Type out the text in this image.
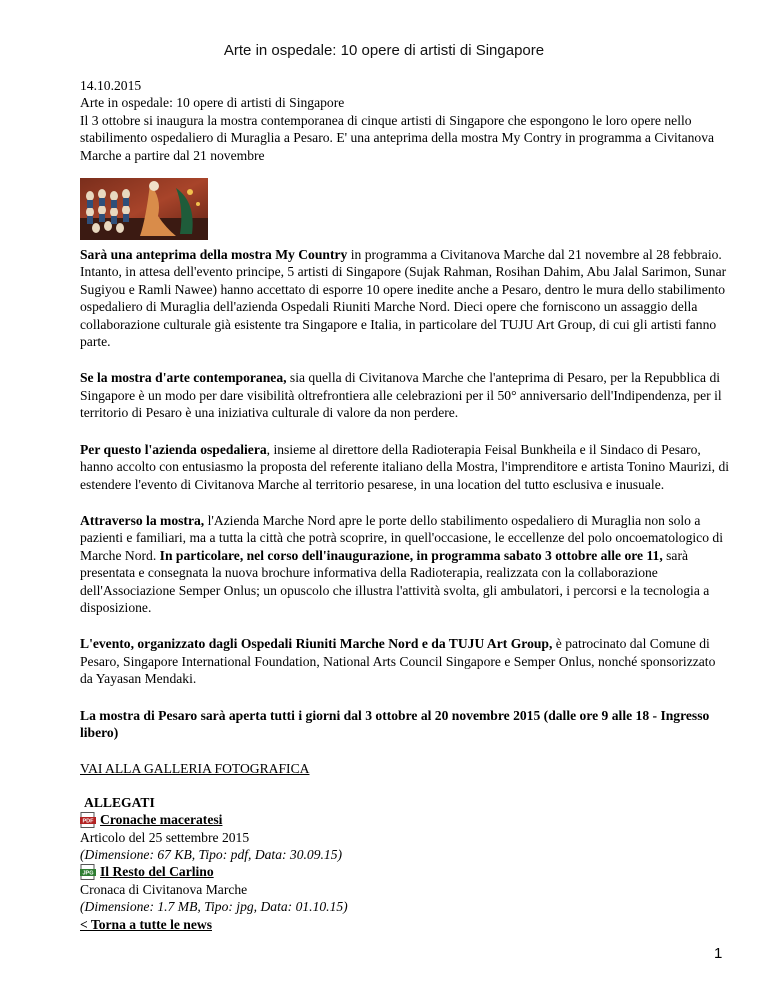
Arte in ospedale: 10 opere di artisti di Singapore

14.10.2015

Arte in ospedale: 10 opere di artisti di Singapore

Il 3 ottobre si inaugura la mostra contemporanea di cinque artisti di Singapore che espongono le loro opere nello stabilimento ospedaliero di Muraglia a Pesaro. E' una anteprima della mostra My Contry in programma a Civitanova Marche a partire dal 21 novembre

Sarà una anteprima della mostra My Country in programma a Civitanova Marche dal 21 novembre al 28 febbraio. Intanto, in attesa dell'evento principe, 5 artisti di Singapore (Sujak Rahman, Rosihan Dahim, Abu Jalal Sarimon, Sunar Sugiyou e Ramli Nawee) hanno accettato di esporre 10 opere inedite anche a Pesaro, dentro le mura dello stabilimento ospedaliero di Muraglia dell'azienda Ospedali Riuniti Marche Nord. Dieci opere che forniscono un assaggio della collaborazione culturale già esistente tra Singapore e Italia, in particolare del TUJU Art Group, di cui gli artisti fanno parte.

Se la mostra d'arte contemporanea, sia quella di Civitanova Marche che l'anteprima di Pesaro, per la Repubblica di Singapore è un modo per dare visibilità oltrefrontiera alle celebrazioni per il 50° anniversario dell'Indipendenza, per il territorio di Pesaro è una iniziativa culturale di valore da non perdere.

Per questo l'azienda ospedaliera, insieme al direttore della Radioterapia Feisal Bunkheila e il Sindaco di Pesaro, hanno accolto con entusiasmo la proposta del referente italiano della Mostra, l'imprenditore e artista Tonino Maurizi, di estendere l'evento di Civitanova Marche al territorio pesarese, in una location del tutto esclusiva e inusuale.

Attraverso la mostra, l'Azienda Marche Nord apre le porte dello stabilimento ospedaliero di Muraglia non solo a pazienti e familiari, ma a tutta la città che potrà scoprire, in quell'occasione, le eccellenze del polo oncoematologico di Marche Nord. In particolare, nel corso dell'inaugurazione, in programma sabato 3 ottobre alle ore 11, sarà presentata e consegnata la nuova brochure informativa della Radioterapia, realizzata con la collaborazione dell'Associazione Semper Onlus; un opuscolo che illustra l'attività svolta, gli ambulatori, i percorsi e la tecnologia a disposizione.

L'evento, organizzato dagli Ospedali Riuniti Marche Nord e da TUJU Art Group, è patrocinato dal Comune di Pesaro, Singapore International Foundation, National Arts Council Singapore e Semper Onlus, nonché sponsorizzato da Yayasan Mendaki.

La mostra di Pesaro sarà aperta tutti i giorni dal 3 ottobre al 20 novembre 2015 (dalle ore 9 alle 18 - Ingresso libero)

VAI ALLA GALLERIA FOTOGRAFICA

ALLEGATI

PDF Cronache maceratesi

Articolo del 25 settembre 2015

(Dimensione: 67 KB, Tipo: pdf, Data: 30.09.15)

JPG Il Resto del Carlino

Cronaca di Civitanova Marche

(Dimensione: 1.7 MB, Tipo: jpg, Data: 01.10.15)

< Torna a tutte le news

1
